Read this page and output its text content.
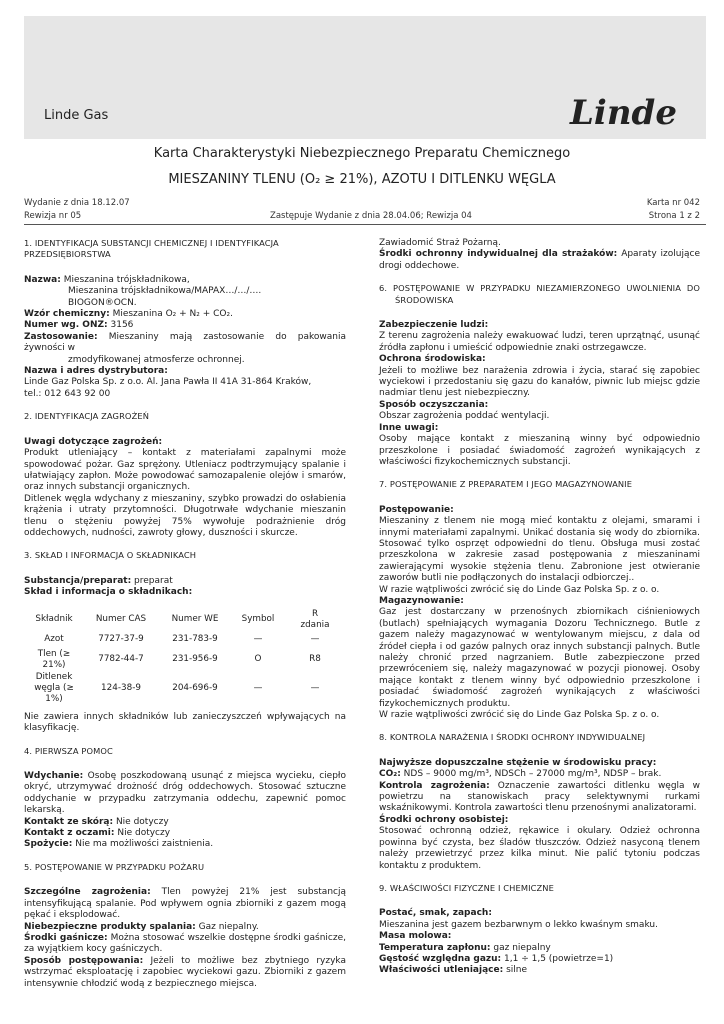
Linde Gas	Linde
Karta Charakterystyki Niebezpiecznego Preparatu Chemicznego
MIESZANINY TLENU (O₂ ≥ 21%), AZOTU I DITLENKU WĘGLA
Wydanie z dnia 18.12.07
Rewizja nr 05	Zastępuje Wydanie z dnia 28.04.06; Rewizja 04
Karta nr 042
Strona 1 z 2
1. IDENTYFIKACJA SUBSTANCJI CHEMICZNEJ I IDENTYFIKACJA PRZEDSIĘBIORSTWA
Nazwa: Mieszanina trójskładnikowa,
Mieszanina trójskładnikowa/MAPAX…/…/….
BIOGON®OCN.
Wzór chemiczny: Mieszanina O₂ + N₂ + CO₂.
Numer wg. ONZ: 3156
Zastosowanie: Mieszaniny mają zastosowanie do pakowania żywności w
zmodyfikowanej atmosferze ochronnej.
Nazwa i adres dystrybutora:
Linde Gaz Polska Sp. z o.o. Al. Jana Pawła II 41A 31-864 Kraków,
tel.: 012 643 92 00
2. IDENTYFIKACJA ZAGROŻEŃ
Uwagi dotyczące zagrożeń:
Produkt utleniający – kontakt z materiałami zapalnymi może spowodować pożar. Gaz sprężony. Utleniacz podtrzymujący spalanie i ułatwiający zapłon. Może powodować samozapalenie olejów i smarów, oraz innych substancji organicznych.
Ditlenek węgla wdychany z mieszaniny, szybko prowadzi do osłabienia krążenia i utraty przytomności. Długotrwałe wdychanie mieszanin tlenu o stężeniu powyżej 75% wywołuje podrażnienie dróg oddechowych, nudności, zawroty głowy, duszności i skurcze.
3. SKŁAD I INFORMACJA O SKŁADNIKACH
Substancja/preparat: preparat
Skład i informacja o składnikach:
Składnik	Numer CAS	Numer WE	Symbol	R zdania
Azot	7727-37-9	231-783-9	—	—
Tlen (≥ 21%)	7782-44-7	231-956-9	O	R8
Ditlenek węgla (≥ 1%)	124-38-9	204-696-9	—	—
Nie zawiera innych składników lub zanieczyszczeń wpływających na klasyfikację.
4. PIERWSZA POMOC
Wdychanie: Osobę poszkodowaną usunąć z miejsca wycieku, ciepło okryć, utrzymywać drożność dróg oddechowych. Stosować sztuczne oddychanie w przypadku zatrzymania oddechu, zapewnić pomoc lekarską.
Kontakt ze skórą: Nie dotyczy
Kontakt z oczami: Nie dotyczy
Spożycie: Nie ma możliwości zaistnienia.
5. POSTĘPOWANIE W PRZYPADKU POŻARU
Szczególne zagrożenia: Tlen powyżej 21% jest substancją intensyfikującą spalanie. Pod wpływem ognia zbiorniki z gazem mogą pękać i eksplodować.
Niebezpieczne produkty spalania: Gaz niepalny.
Środki gaśnicze: Można stosować wszelkie dostępne środki gaśnicze, za wyjątkiem kocy gaśniczych.
Sposób postępowania: Jeżeli to możliwe bez zbytniego ryzyka wstrzymać eksploatację i zapobiec wyciekowi gazu. Zbiorniki z gazem intensywnie chłodzić wodą z bezpiecznego miejsca.
Zawiadomić Straż Pożarną.
Środki ochronny indywidualnej dla strażaków: Aparaty izolujące drogi oddechowe.
6. POSTĘPOWANIE W PRZYPADKU NIEZAMIERZONEGO UWOLNIENIA DO ŚRODOWISKA
Zabezpieczenie ludzi:
Z terenu zagrożenia należy ewakuować ludzi, teren uprzątnąć, usunąć źródła zapłonu i umieścić odpowiednie znaki ostrzegawcze.
Ochrona środowiska:
Jeżeli to możliwe bez narażenia zdrowia i życia, starać się zapobiec wyciekowi i przedostaniu się gazu do kanałów, piwnic lub miejsc gdzie nadmiar tlenu jest niebezpieczny.
Sposób oczyszczania:
Obszar zagrożenia poddać wentylacji.
Inne uwagi:
Osoby mające kontakt z mieszaniną winny być odpowiednio przeszkolone i posiadać świadomość zagrożeń wynikających z właściwości fizykochemicznych substancji.
7. POSTĘPOWANIE Z PREPARATEM I JEGO MAGAZYNOWANIE
Postępowanie:
Mieszaniny z tlenem nie mogą mieć kontaktu z olejami, smarami i innymi materiałami zapalnymi. Unikać dostania się wody do zbiornika. Stosować tylko osprzęt odpowiedni do tlenu. Obsługa musi zostać przeszkolona w zakresie zasad postępowania z mieszaninami zawierającymi wysokie stężenia tlenu. Zabronione jest otwieranie zaworów butli nie podłączonych do instalacji odbiorczej..
W razie wątpliwości zwrócić się do Linde Gaz Polska Sp. z o. o.
Magazynowanie:
Gaz jest dostarczany w przenośnych zbiornikach ciśnieniowych (butlach) spełniających wymagania Dozoru Technicznego. Butle z gazem należy magazynować w wentylowanym miejscu, z dala od źródeł ciepła i od gazów palnych oraz innych substancji palnych. Butle należy chronić przed nagrzaniem. Butle zabezpieczone przed przewróceniem się, należy magazynować w pozycji pionowej. Osoby mające kontakt z tlenem winny być odpowiednio przeszkolone i posiadać świadomość zagrożeń wynikających z właściwości fizykochemicznych produktu.
W razie wątpliwości zwrócić się do Linde Gaz Polska Sp. z o. o.
8. KONTROLA NARAŻENIA I ŚRODKI OCHRONY INDYWIDUALNEJ
Najwyższe dopuszczalne stężenie w środowisku pracy:
CO₂: NDS – 9000 mg/m³, NDSCh – 27000 mg/m³, NDSP – brak.
Kontrola zagrożenia: Oznaczenie zawartości ditlenku węgla w powietrzu na stanowiskach pracy selektywnymi rurkami wskaźnikowymi. Kontrola zawartości tlenu przenośnymi analizatorami.
Środki ochrony osobistej:
Stosować ochronną odzież, rękawice i okulary. Odzież ochronna powinna być czysta, bez śladów tłuszczów. Odzież nasyconą tlenem należy przewietrzyć przez kilka minut. Nie palić tytoniu podczas kontaktu z produktem.
9. WŁAŚCIWOŚCI FIZYCZNE I CHEMICZNE
Postać, smak, zapach:
Mieszanina jest gazem bezbarwnym o lekko kwaśnym smaku.
Masa molowa:
Temperatura zapłonu: gaz niepalny
Gęstość względna gazu: 1,1 ÷ 1,5 (powietrze=1)
Właściwości utleniające: silne
